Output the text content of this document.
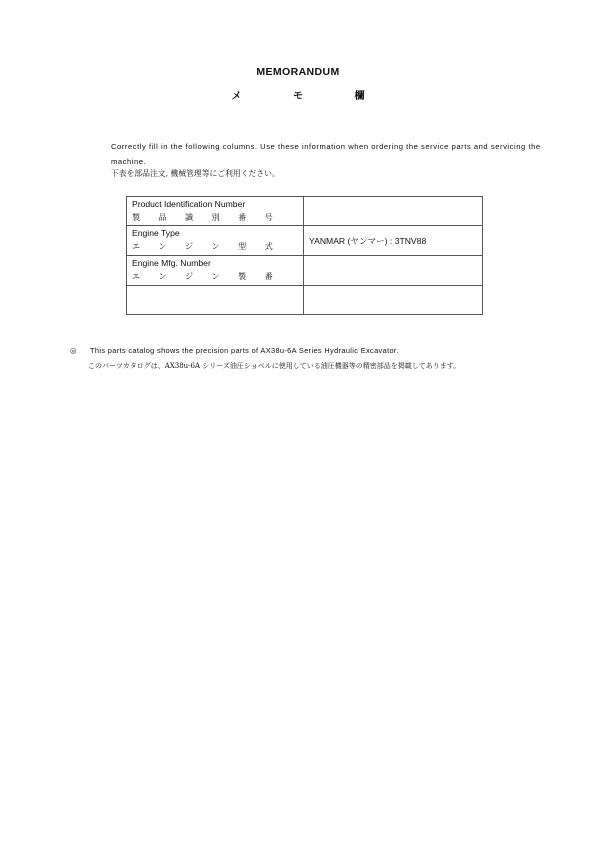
MEMORANDUM
メ モ 欄
Correctly fill in the following columns. Use these information when ordering the service parts and servicing the machine.
下表を部品注文, 機械管理等にご利用ください。
Product Identification Number
製 品 識 別 番 号	

Engine Type
エ ン ジ ン 型 式	YANMAR (ヤンマー) : 3TNV88

Engine Mfg. Number
エ ン ジ ン 製 番	

◎ This parts catalog shows the precision parts of AX38u-6A Series Hydraulic Excavator.
このパーツカタログは、AX38u-6A シリーズ油圧ショベルに使用している油圧機器等の精密部品を掲載してあります。
